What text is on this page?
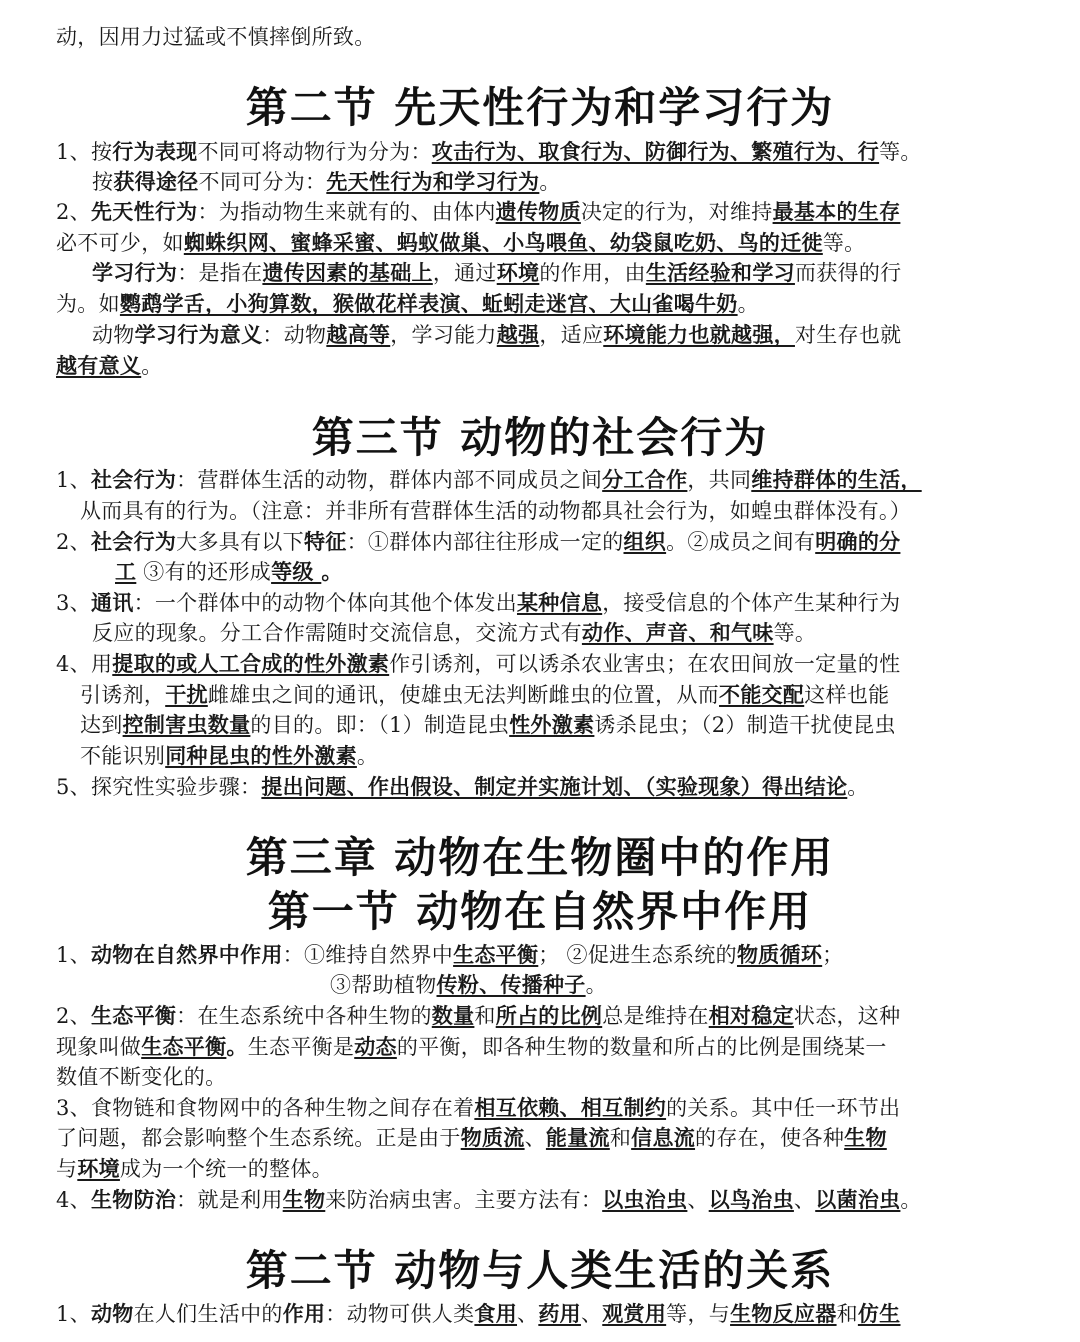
动，因用力过猛或不慎摔倒所致。
第二节 先天性行为和学习行为
1、按行为表现不同可将动物行为分为：攻击行为、取食行为、防御行为、繁殖行为、行等。
按获得途径不同可分为：先天性行为和学习行为。
2、先天性行为：为指动物生来就有的、由体内遗传物质决定的行为，对维持最基本的生存
必不可少，如蜘蛛织网、蜜蜂采蜜、蚂蚁做巢、小鸟喂鱼、幼袋鼠吃奶、鸟的迁徙等。
学习行为：是指在遗传因素的基础上，通过环境的作用，由生活经验和学习而获得的行
为。如鹦鹉学舌，小狗算数，猴做花样表演、蚯蚓走迷宫、大山雀喝牛奶。
动物学习行为意义：动物越高等，学习能力越强，适应环境能力也就越强，对生存也就
越有意义。
第三节 动物的社会行为
1、社会行为：营群体生活的动物，群体内部不同成员之间分工合作，共同维持群体的生活，
从而具有的行为。（注意：并非所有营群体生活的动物都具社会行为，如蝗虫群体没有。）
2、社会行为大多具有以下特征：①群体内部往往形成一定的组织。②成员之间有明确的分
工 ③有的还形成等级 。
3、通讯：一个群体中的动物个体向其他个体发出某种信息，接受信息的个体产生某种行为
反应的现象。分工合作需随时交流信息，交流方式有动作、声音、和气味等。
4、用提取的或人工合成的性外激素作引诱剂，可以诱杀农业害虫；在农田间放一定量的性
引诱剂，干扰雌雄虫之间的通讯，使雄虫无法判断雌虫的位置，从而不能交配这样也能
达到控制害虫数量的目的。即：（1）制造昆虫性外激素诱杀昆虫；（2）制造干扰使昆虫
不能识别同种昆虫的性外激素。
5、探究性实验步骤：提出问题、作出假设、制定并实施计划、（实验现象）得出结论。
第三章 动物在生物圈中的作用
第一节 动物在自然界中作用
1、动物在自然界中作用：①维持自然界中生态平衡； ②促进生态系统的物质循环；
③帮助植物传粉、传播种子。
2、生态平衡：在生态系统中各种生物的数量和所占的比例总是维持在相对稳定状态，这种
现象叫做生态平衡。生态平衡是动态的平衡，即各种生物的数量和所占的比例是围绕某一
数值不断变化的。
3、食物链和食物网中的各种生物之间存在着相互依赖、相互制约的关系。其中任一环节出
了问题，都会影响整个生态系统。正是由于物质流、能量流和信息流的存在，使各种生物
与环境成为一个统一的整体。
4、生物防治：就是利用生物来防治病虫害。主要方法有：以虫治虫、以鸟治虫、以菌治虫。
第二节 动物与人类生活的关系
1、动物在人们生活中的作用：动物可供人类食用、药用、观赏用等，与生物反应器和仿生
